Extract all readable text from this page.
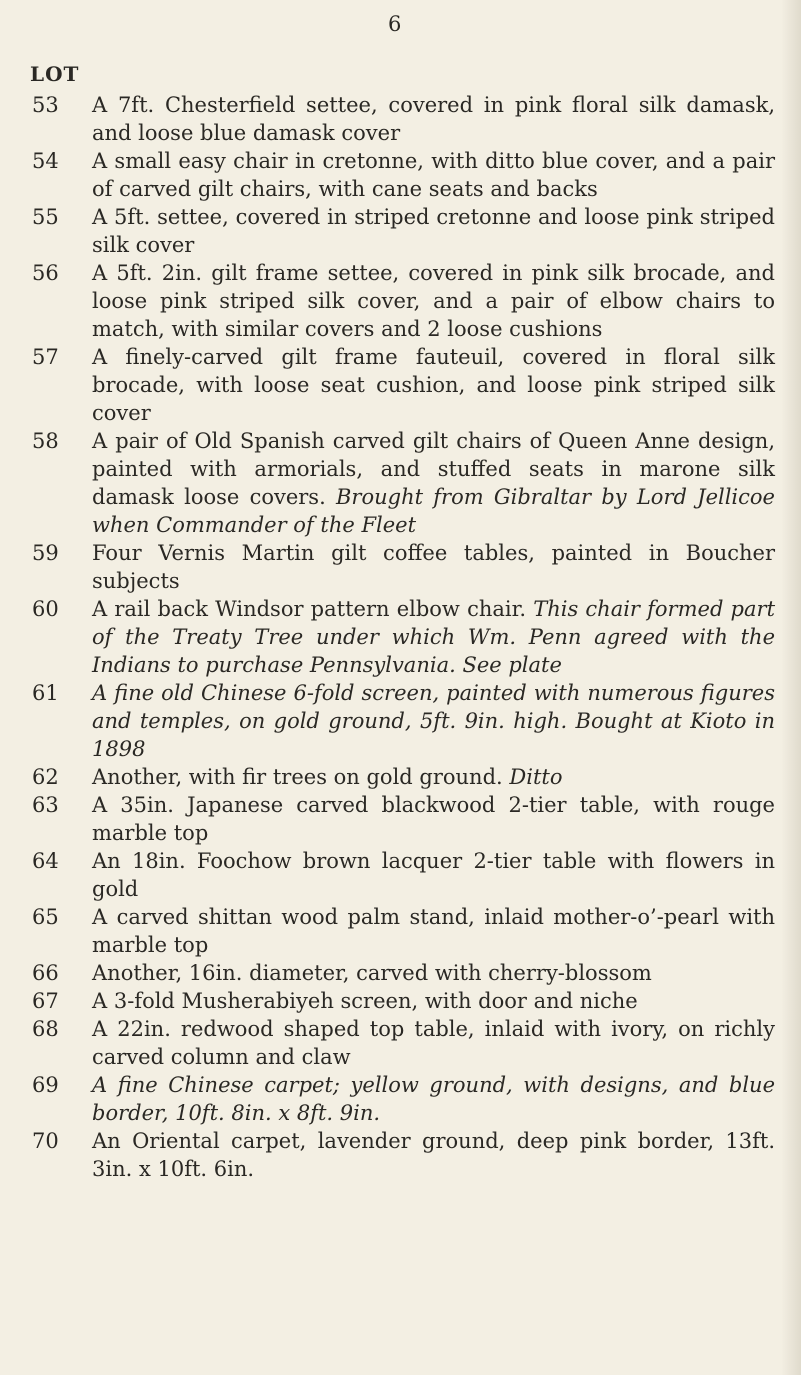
6
LOT
53	A 7ft. Chesterfield settee, covered in pink floral silk damask, and loose blue damask cover
54	A small easy chair in cretonne, with ditto blue cover, and a pair of carved gilt chairs, with cane seats and backs
55	A 5ft. settee, covered in striped cretonne and loose pink striped silk cover
56	A 5ft. 2in. gilt frame settee, covered in pink silk brocade, and loose pink striped silk cover, and a pair of elbow chairs to match, with similar covers and 2 loose cushions
57	A finely-carved gilt frame fauteuil, covered in floral silk brocade, with loose seat cushion, and loose pink striped silk cover
58	A pair of Old Spanish carved gilt chairs of Queen Anne design, painted with armorials, and stuffed seats in marone silk damask loose covers. Brought from Gibraltar by Lord Jellicoe when Commander of the Fleet
59	Four Vernis Martin gilt coffee tables, painted in Boucher subjects
60	A rail back Windsor pattern elbow chair. This chair formed part of the Treaty Tree under which Wm. Penn agreed with the Indians to purchase Pennsylvania. See plate
61	A fine old Chinese 6-fold screen, painted with numerous figures and temples, on gold ground, 5ft. 9in. high. Bought at Kioto in 1898
62	Another, with fir trees on gold ground. Ditto
63	A 35in. Japanese carved blackwood 2-tier table, with rouge marble top
64	An 18in. Foochow brown lacquer 2-tier table with flowers in gold
65	A carved shittan wood palm stand, inlaid mother-o’-pearl with marble top
66	Another, 16in. diameter, carved with cherry-blossom
67	A 3-fold Musherabiyeh screen, with door and niche
68	A 22in. redwood shaped top table, inlaid with ivory, on richly carved column and claw
69	A fine Chinese carpet; yellow ground, with designs, and blue border, 10ft. 8in. x 8ft. 9in.
70	An Oriental carpet, lavender ground, deep pink border, 13ft. 3in. x 10ft. 6in.
